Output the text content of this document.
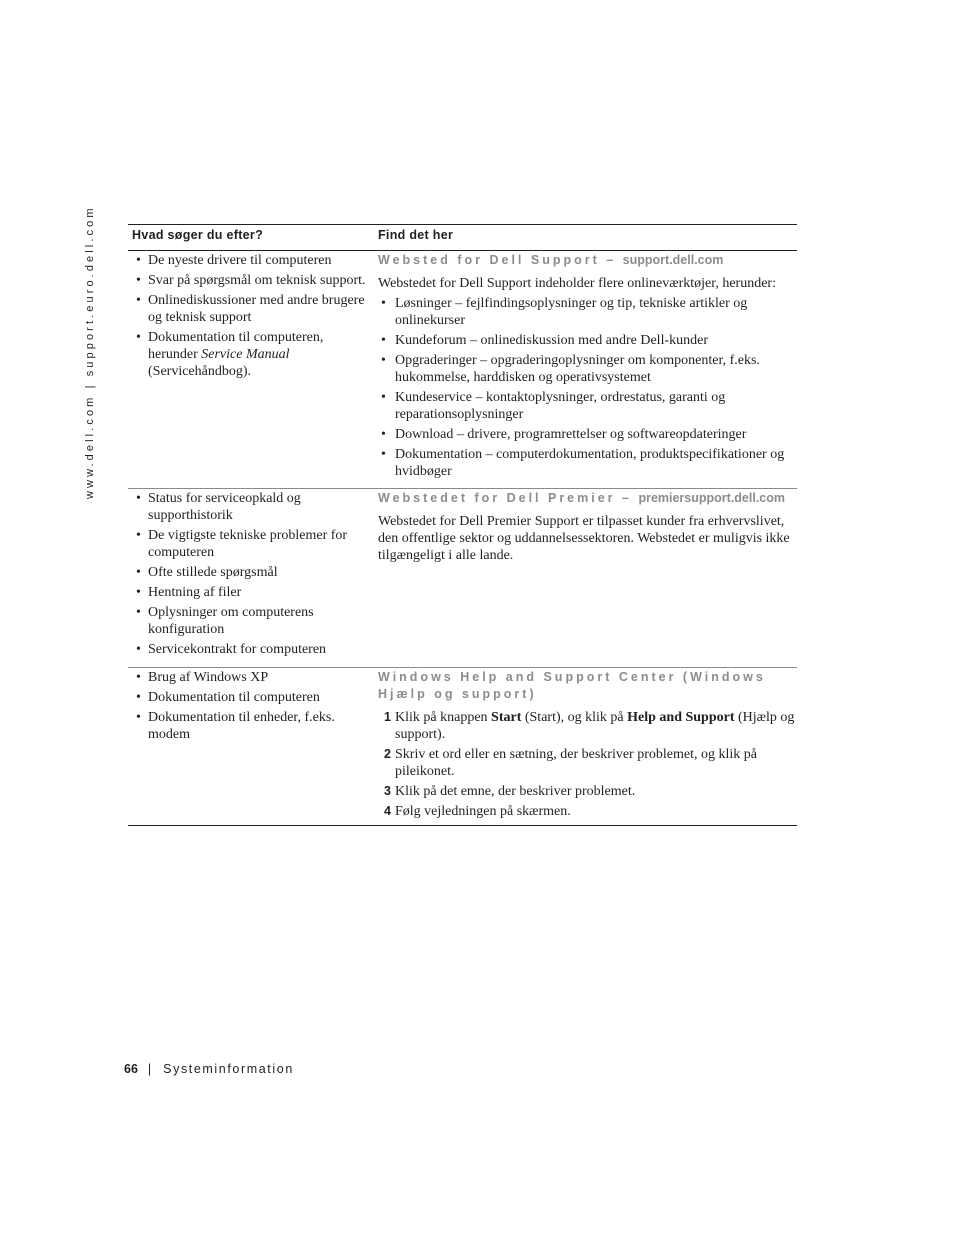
www.dell.com | support.euro.dell.com	Hvad søger du efter?	Find det her
• De nyeste drivere til computeren
• Svar på spørgsmål om teknisk support.
• Onlinediskussioner med andre brugere og teknisk support
• Dokumentation til computeren, herunder Service Manual (Servicehåndbog).
Websted for Dell Support – support.dell.com

Webstedet for Dell Support indeholder flere onlineværktøjer, herunder:

• Løsninger – fejlfindingsoplysninger og tip, tekniske artikler og onlinekurser
• Kundeforum – onlinediskussion med andre Dell-kunder
• Opgraderinger – opgraderingoplysninger om komponenter, f.eks. hukommelse, harddisken og operativsystemet
• Kundeservice – kontaktoplysninger, ordrestatus, garanti og reparationsoplysninger
• Download – drivere, programrettelser og softwareopdateringer
• Dokumentation – computerdokumentation, produktspecifikationer og hvidbøger
• Status for serviceopkald og supporthistorik
• De vigtigste tekniske problemer for computeren
• Ofte stillede spørgsmål
• Hentning af filer
• Oplysninger om computerens konfiguration
• Servicekontrakt for computeren
Webstedet for Dell Premier – premiersupport.dell.com

Webstedet for Dell Premier Support er tilpasset kunder fra erhvervslivet, den offentlige sektor og uddannelsessektoren. Webstedet er muligvis ikke tilgængeligt i alle lande.

• Brug af Windows XP
• Dokumentation til computeren
• Dokumentation til enheder, f.eks. modem
Windows Help and Support Center (Windows Hjælp og support)
1 Klik på knappen Start (Start), og klik på Help and Support (Hjælp og support).
2 Skriv et ord eller en sætning, der beskriver problemet, og klik på pileikonet.
3 Klik på det emne, der beskriver problemet.
4 Følg vejledningen på skærmen.
66 | Systeminformation
